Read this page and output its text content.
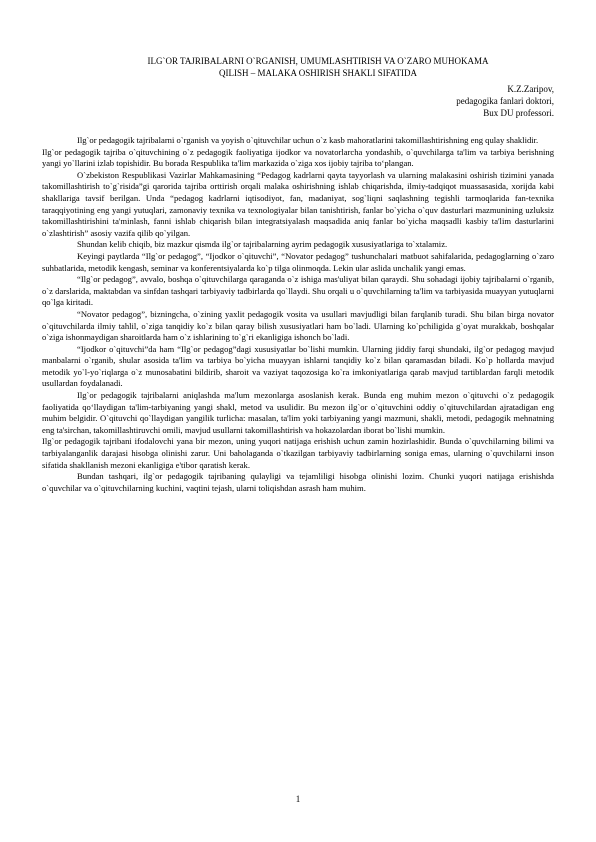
ILG`OR TAJRIBALARNI O`RGANISH, UMUMLASHTIRISH VA O`ZARO MUHOKAMA
QILISH – MALAKA OSHIRISH SHAKLI SIFATIDA
K.Z.Zaripov,
pedagogika fanlari doktori,
Bux DU professori.

Ilg`or pedagogik tajribalarni o`rganish va yoyish o`qituvchilar uchun o`z kasb mahoratlarini takomillashtirishning eng qulay shaklidir.

Ilg`or pedagogik tajriba o`qituvchining o`z pedagogik faoliyatiga ijodkor va novatorlarcha yondashib, o`quvchilarga ta'lim va tarbiya berishning yangi yo`llarini izlab topishidir. Bu borada Respublika ta'lim markazida o`ziga xos ijobiy tajriba to‘plangan.

O`zbekiston Respublikasi Vazirlar Mahkamasining “Pedagog kadrlarni qayta tayyorlash va ularning malakasini oshirish tizimini yanada takomillashtirish to`g`risida”gi qarorida tajriba orttirish orqali malaka oshirishning ishlab chiqarishda, ilmiy-tadqiqot muassasasida, xorijda kabi shakllariga tavsif berilgan. Unda “pedagog kadrlarni iqtisodiyot, fan, madaniyat, sog`liqni saqlashning tegishli tarmoqlarida fan-texnika taraqqiyotining eng yangi yutuqlari, zamonaviy texnika va texnologiyalar bilan tanishtirish, fanlar bo`yicha o`quv dasturlari mazmunining uzluksiz takomillashtirishini ta'minlash, fanni ishlab chiqarish bilan integratsiyalash maqsadida aniq fanlar bo`yicha maqsadli kasbiy ta'lim dasturlarini o`zlashtirish” asosiy vazifa qilib qo`yilgan.

Shundan kelib chiqib, biz mazkur qismda ilg`or tajribalarning ayrim pedagogik xususiyatlariga to`xtalamiz.

Keyingi paytlarda “Ilg`or pedagog”, “Ijodkor o`qituvchi”, “Novator pedagog” tushunchalari matbuot sahifalarida, pedagoglarning o`zaro suhbatlarida, metodik kengash, seminar va konferentsiyalarda ko`p tilga olinmoqda. Lekin ular aslida unchalik yangi emas.

“Ilg`or pedagog”, avvalo, boshqa o`qituvchilarga qaraganda o`z ishiga mas'uliyat bilan qaraydi. Shu sohadagi ijobiy tajribalarni o`rganib, o`z darslarida, maktabdan va sinfdan tashqari tarbiyaviy tadbirlarda qo`llaydi. Shu orqali u o`quvchilarning ta'lim va tarbiyasida muayyan yutuqlarni qo`lga kiritadi.

“Novator pedagog”, bizningcha, o`zining yaxlit pedagogik vosita va usullari mavjudligi bilan farqlanib turadi. Shu bilan birga novator o`qituvchilarda ilmiy tahlil, o`ziga tanqidiy ko`z bilan qaray bilish xususiyatlari ham bo`ladi. Ularning ko`pchiligida g`oyat murakkab, boshqalar o`ziga ishonmaydigan sharoitlarda ham o`z ishlarining to`g`ri ekanligiga ishonch bo`ladi.

“Ijodkor o`qituvchi”da ham “Ilg`or pedagog”dagi xususiyatlar bo`lishi mumkin. Ularning jiddiy farqi shundaki, ilg`or pedagog mavjud manbalarni o`rganib, shular asosida ta'lim va tarbiya bo`yicha muayyan ishlarni tanqidiy ko`z bilan qaramasdan biladi. Ko`p hollarda mavjud metodik yo`l-yo`riqlarga o`z munosabatini bildirib, sharoit va vaziyat taqozosiga ko`ra imkoniyatlariga qarab mavjud tartiblardan farqli metodik usullardan foydalanadi.

Ilg`or pedagogik tajribalarni aniqlashda ma'lum mezonlarga asoslanish kerak. Bunda eng muhim mezon o`qituvchi o`z pedagogik faoliyatida qo‘llaydigan ta'lim-tarbiyaning yangi shakl, metod va usulidir. Bu mezon ilg`or o`qituvchini oddiy o`qituvchilardan ajratadigan eng muhim belgidir. O`qituvchi qo`llaydigan yangilik turlicha: masalan, ta'lim yoki tarbiyaning yangi mazmuni, shakli, metodi, pedagogik mehnatning eng ta'sirchan, takomillashtiruvchi omili, mavjud usullarni takomillashtirish va hokazolardan iborat bo`lishi mumkin.

Ilg`or pedagogik tajribani ifodalovchi yana bir mezon, uning yuqori natijaga erishish uchun zamin hozirlashidir. Bunda o`quvchilarning bilimi va tarbiyalanganlik darajasi hisobga olinishi zarur. Uni baholaganda o`tkazilgan tarbiyaviy tadbirlarning soniga emas, ularning o`quvchilarni inson sifatida shakllanish mezoni ekanligiga e'tibor qaratish kerak.

Bundan tashqari, ilg`or pedagogik tajribaning qulayligi va tejamliligi hisobga olinishi lozim. Chunki yuqori natijaga erishishda o`quvchilar va o`qituvchilarning kuchini, vaqtini tejash, ularni toliqishdan asrash ham muhim.

1
